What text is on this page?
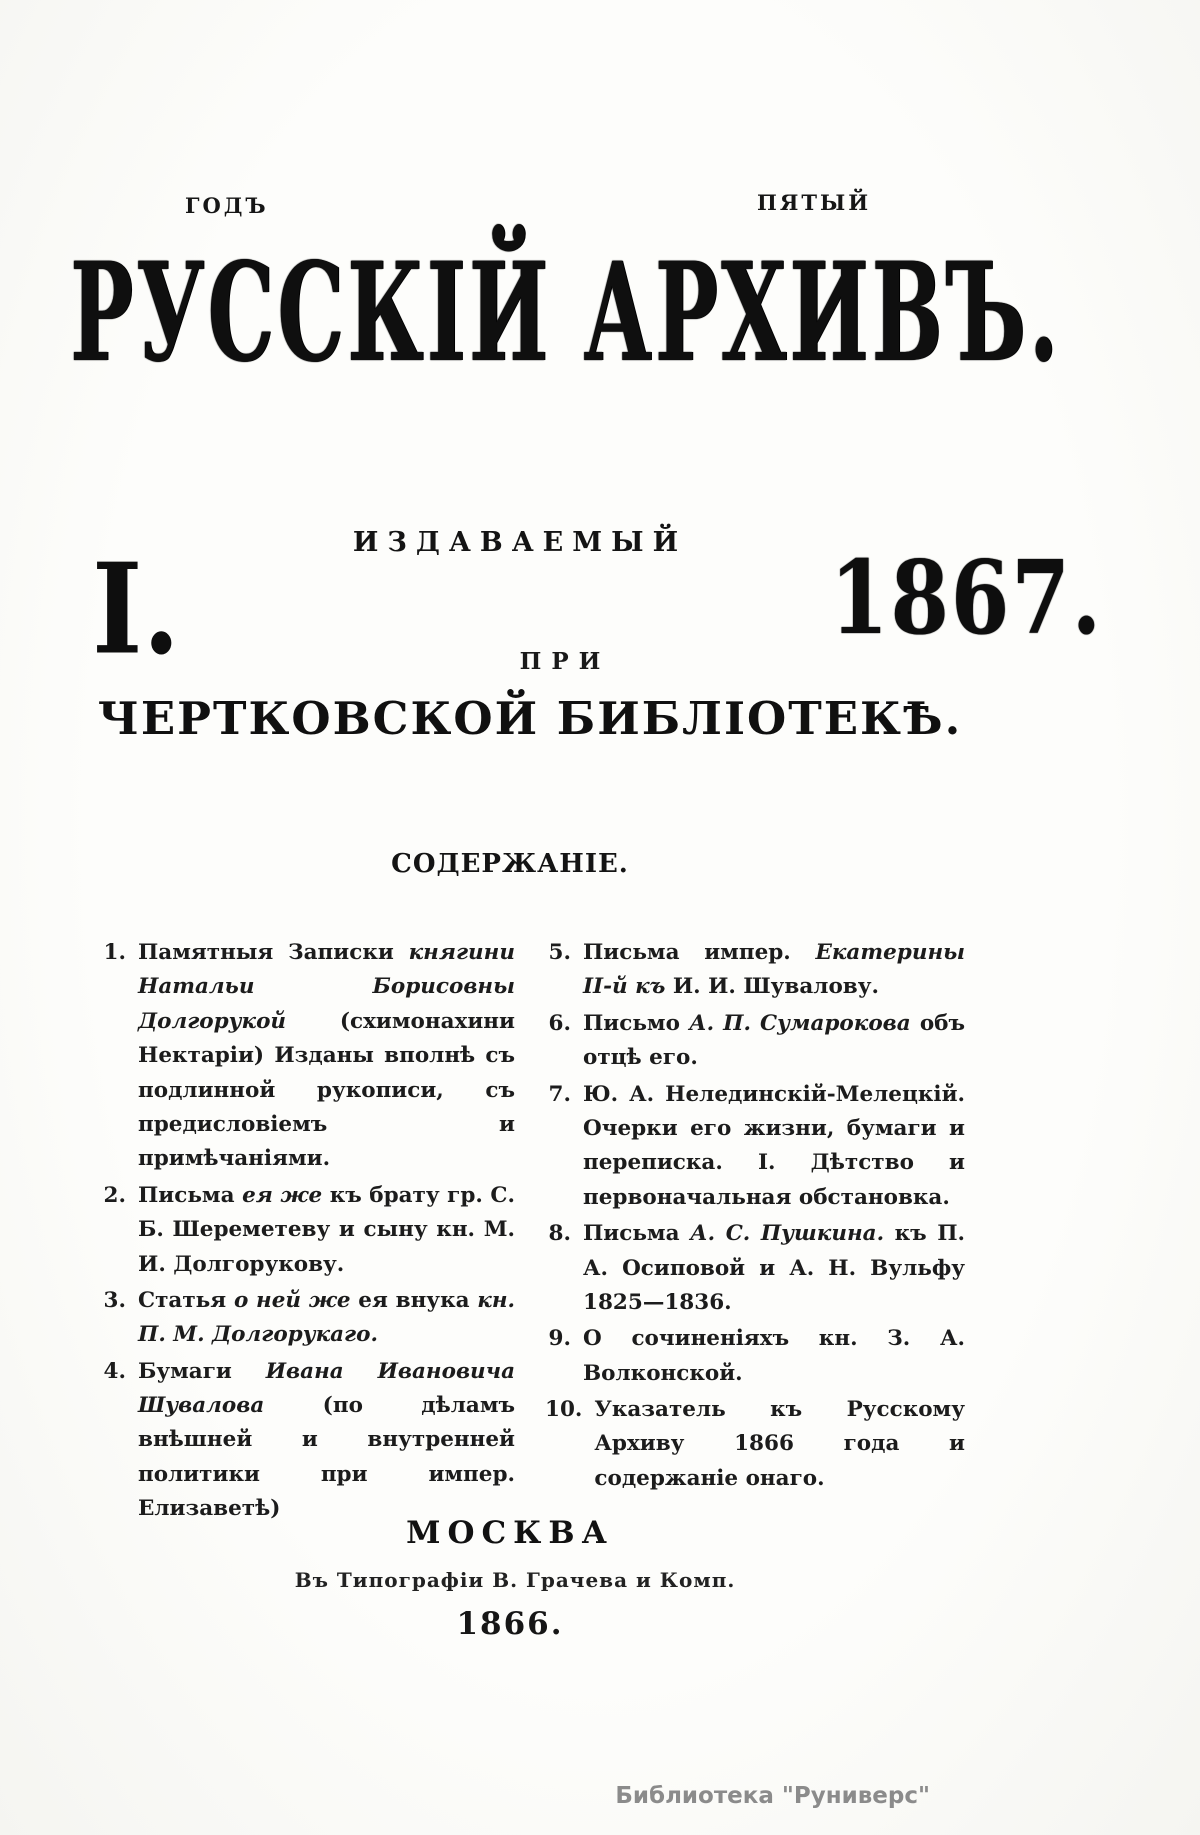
ГОДЪ	ПЯТЫЙ
РУССКІЙ АРХИВЪ.
ИЗДАВАЕМЫЙ
I.	ПРИ
1867.
ЧЕРТКОВСКОЙ БИБЛІОТЕКѢ.
СОДЕРЖАНІЕ.
1. Памятныя Записки княгини Натальи Борисовны Долгорукой (схимонахини Нектаріи) Изданы вполнѣ съ подлинной рукописи, съ предисловіемъ и примѣчаніями.
2. Письма ея же къ брату гр. С. Б. Шереметеву и сыну кн. М. И. Долгорукову.
3. Статья о ней же ея внука кн. П. М. Долгорукаго.
4. Бумаги Ивана Ивановича Шувалова (по дѣламъ внѣшней и внутренней политики при импер. Елизаветѣ)
5. Письма импер. Екатерины II-й къ И. И. Шувалову.
6. Письмо А. П. Сумарокова объ отцѣ его.
7. Ю. А. Нелединскій-Мелецкій. Очерки его жизни, бумаги и переписка. I. Дѣтство и первоначальная обстановка.
8. Письма А. С. Пушкина. къ П. А. Осиповой и А. Н. Вульфу 1825—1836.
9. О сочиненіяхъ кн. З. А. Волконской.
10. Указатель къ Русскому Архиву 1866 года и содержаніе онаго.
МОСКВА
Въ Типографіи В. Грачева и Комп.
1866.
Библиотека "Руниверс"
